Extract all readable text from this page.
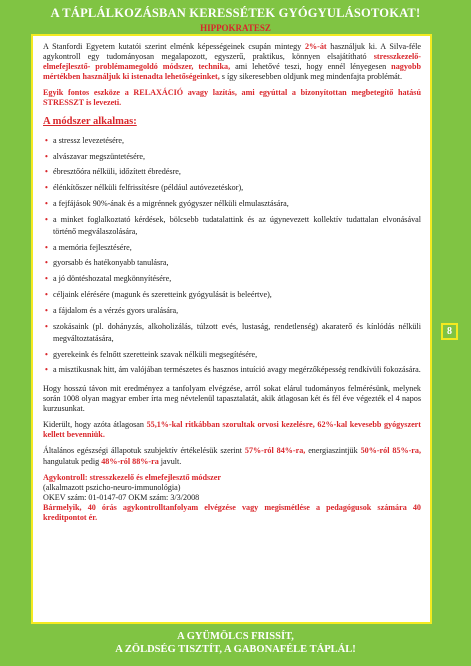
A TÁPLÁLKOZÁSBAN KERESSÉTEK GYÓGYULÁSOTOKAT!
HIPPOKRATESZ

A Stanfordi Egyetem kutatói szerint elménk képességeinek csupán mintegy 2%-át használjuk ki. A Silva-féle agykontroll egy tudományosan megalapozott, egyszerű, praktikus, könnyen elsajátítható stresszkezelő-elmefejlesztő- problémamegoldó módszer, technika, ami lehetővé teszi, hogy ennél lényegesen nagyobb mértékben használjuk ki istenadta lehetőségeinket, s így sikeresebben oldjunk meg mindenfajta problémát.

Egyik fontos eszköze a RELAXÁCIÓ avagy lazítás, ami egyúttal a bizonyítottan megbetegítő hatású STRESSZT is levezeti.

A módszer alkalmas:
• a stressz levezetésére,
• alvászavar megszüntetésére,
• ébresztőóra nélküli, időzített ébredésre,
• élénkítőszer nélküli felfrissítésre (például autóvezetéskor),
• a fejfájások 90%-ának és a migrénnek gyógyszer nélküli elmulasztására,
• a minket foglalkoztató kérdések, bölcsebb tudatalattink és az úgynevezett kollektív tudattalan elvonásával történő megválaszolására,
• a memória fejlesztésére,
• gyorsabb és hatékonyabb tanulásra,
• a jó döntéshozatal megkönnyítésére,
• céljaink elérésére (magunk és szeretteink gyógyulását is beleértve),
• a fájdalom és a vérzés gyors uralására,
• szokásaink (pl. dohányzás, alkoholizálás, túlzott evés, lustaság, rendetlenség) akaraterő és kínlódás nélküli megváltoztatására,
• gyerekeink és felnőtt szeretteink szavak nélküli megsegítésére,
• a misztikusnak hitt, ám valójában természetes és hasznos intuíció avagy megérzőképesség rendkívüli fokozására.

Hogy hosszú távon mit eredményez a tanfolyam elvégzése, arról sokat elárul tudományos felmérésünk, melynek során 1008 olyan magyar ember írta meg névtelenül tapasztalatát, akik átlagosan két és fél éve végezték el 4 napos kurzusunkat.

Kiderült, hogy azóta átlagosan 55,1%-kal ritkábban szorultak orvosi kezelésre, 62%-kal kevesebb gyógyszert kellett bevenniük.

Általános egészségi állapotuk szubjektív értékelésük szerint 57%-ról 84%-ra, energiaszintjük 50%-ról 85%-ra, hangulatuk pedig 48%-ról 88%-ra javult.

Agykontroll: stresszkezelő és elmefejlesztő módszer
(alkalmazott pszicho-neuro-immunológia)
OKEV szám: 01-0147-07 OKM szám: 3/3/2008
Bármelyik, 40 órás agykontrolltanfolyam elvégzése vagy megismétlése a pedagógusok számára 40 kreditpontot ér.
8
A GYÜMÖLCS FRISSÍT,
A ZÖLDSÉG TISZTÍT, A GABONAFÉLE TÁPLÁL!
